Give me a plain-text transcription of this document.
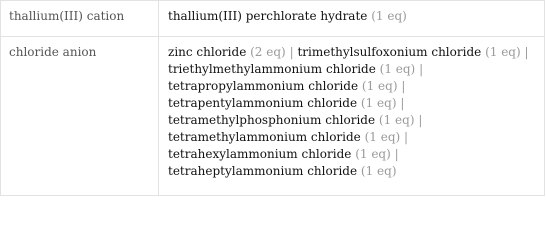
thallium(III) cation	thallium(III) perchlorate hydrate (1 eq)
chloride anion	zinc chloride (2 eq) | trimethylsulfoxonium chloride (1 eq) | triethylmethylammonium chloride (1 eq) | tetrapropylammonium chloride (1 eq) | tetrapentylammonium chloride (1 eq) | tetramethylphosphonium chloride (1 eq) | tetramethylammonium chloride (1 eq) | tetrahexylammonium chloride (1 eq) | tetraheptylammonium chloride (1 eq)
